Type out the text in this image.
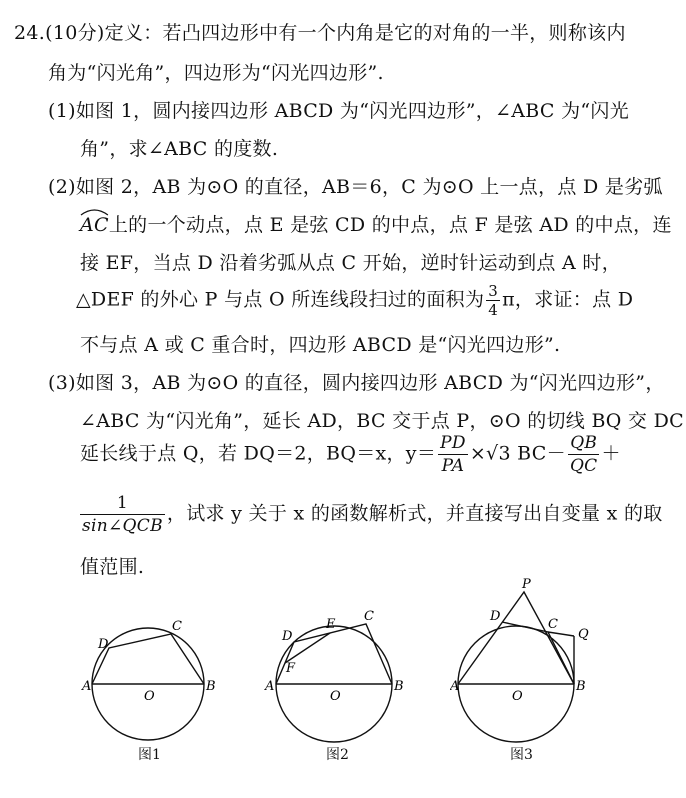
24.(10分)定义：若凸四边形中有一个内角是它的对角的一半，则称该内
角为“闪光角”，四边形为“闪光四边形”.
(1)如图 1，圆内接四边形 ABCD 为“闪光四边形”，∠ABC 为“闪光
角”，求∠ABC 的度数.
(2)如图 2，AB 为⊙O 的直径，AB＝6，C 为⊙O 上一点，点 D 是劣弧
AC上的一个动点，点 E 是弦 CD 的中点，点 F 是弦 AD 的中点，连
接 EF，当点 D 沿着劣弧从点 C 开始，逆时针运动到点 A 时，
△DEF 的外心 P 与点 O 所连线段扫过的面积为 $\frac{3}{4}$ π，求证：点 D
不与点 A 或 C 重合时，四边形 ABCD 是“闪光四边形”.
(3)如图 3，AB 为⊙O 的直径，圆内接四边形 ABCD 为“闪光四边形”，
∠ABC 为“闪光角”，延长 AD，BC 交于点 P，⊙O 的切线 BQ 交 DC
延长线于点 Q，若 DQ＝2，BQ＝x，$y= \frac{PD}{PA} \times√3$ $BC- \frac{QB}{QC}$ ＋
$\frac{1}{\text{sin∠QCB}}$ ，试求 y 关于 x 的函数解析式，并直接写出自变量 x 的取
值范围.
A	B
C
D
O
图1
A	B
C
D
E
F
O
图2
A	B
C
D
P
Q
O
图3
